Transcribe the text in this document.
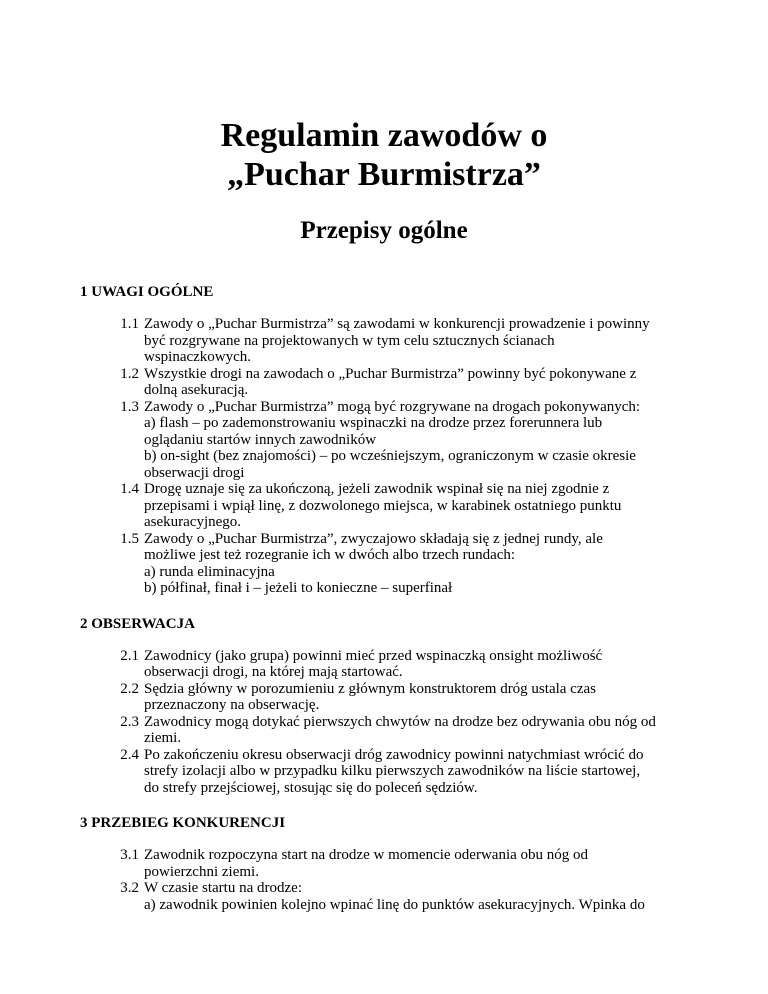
Regulamin zawodów o
„Puchar Burmistrza”
Przepisy ogólne
1 UWAGI OGÓLNE
1.1 Zawody o „Puchar Burmistrza” są zawodami w konkurencji prowadzenie i powinny
być rozgrywane na projektowanych w tym celu sztucznych ścianach
wspinaczkowych.
1.2 Wszystkie drogi na zawodach o „Puchar Burmistrza” powinny być pokonywane z
dolną asekuracją.
1.3 Zawody o „Puchar Burmistrza” mogą być rozgrywane na drogach pokonywanych:
a) flash – po zademonstrowaniu wspinaczki na drodze przez forerunnera lub
oglądaniu startów innych zawodników
b) on-sight (bez znajomości) – po wcześniejszym, ograniczonym w czasie okresie
obserwacji drogi
1.4 Drogę uznaje się za ukończoną, jeżeli zawodnik wspinał się na niej zgodnie z
przepisami i wpiął linę, z dozwolonego miejsca, w karabinek ostatniego punktu
asekuracyjnego.
1.5 Zawody o „Puchar Burmistrza”, zwyczajowo składają się z jednej rundy, ale
możliwe jest też rozegranie ich w dwóch albo trzech rundach:
a) runda eliminacyjna
b) półfinał, finał i – jeżeli to konieczne – superfinał
2 OBSERWACJA
2.1 Zawodnicy (jako grupa) powinni mieć przed wspinaczką onsight możliwość
obserwacji drogi, na której mają startować.
2.2 Sędzia główny w porozumieniu z głównym konstruktorem dróg ustala czas
przeznaczony na obserwację.
2.3 Zawodnicy mogą dotykać pierwszych chwytów na drodze bez odrywania obu nóg od
ziemi.
2.4 Po zakończeniu okresu obserwacji dróg zawodnicy powinni natychmiast wrócić do
strefy izolacji albo w przypadku kilku pierwszych zawodników na liście startowej,
do strefy przejściowej, stosując się do poleceń sędziów.
3 PRZEBIEG KONKURENCJI
3.1 Zawodnik rozpoczyna start na drodze w momencie oderwania obu nóg od
powierzchni ziemi.
3.2 W czasie startu na drodze:
a) zawodnik powinien kolejno wpinać linę do punktów asekuracyjnych. Wpinka do
